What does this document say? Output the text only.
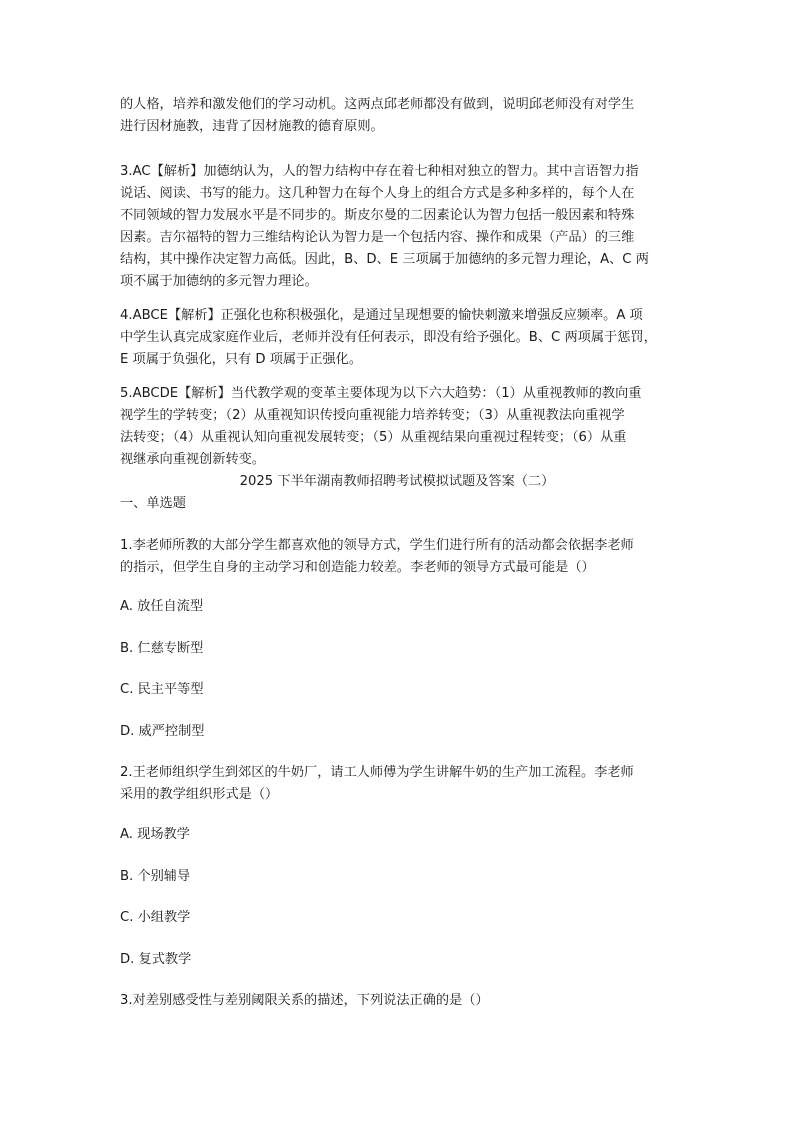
的人格，培养和激发他们的学习动机。这两点邱老师都没有做到，说明邱老师没有对学生
进行因材施教，违背了因材施教的德育原则。
3.AC【解析】加德纳认为，人的智力结构中存在着七种相对独立的智力。其中言语智力指
说话、阅读、书写的能力。这几种智力在每个人身上的组合方式是多种多样的，每个人在
不同领域的智力发展水平是不同步的。斯皮尔曼的二因素论认为智力包括一般因素和特殊
因素。吉尔福特的智力三维结构论认为智力是一个包括内容、操作和成果（产品）的三维
结构，其中操作决定智力高低。因此，B、D、E 三项属于加德纳的多元智力理论，A、C 两
项不属于加德纳的多元智力理论。
4.ABCE【解析】正强化也称积极强化，是通过呈现想要的愉快刺激来增强反应频率。A 项
中学生认真完成家庭作业后，老师并没有任何表示，即没有给予强化。B、C 两项属于惩罚，
E 项属于负强化，只有 D 项属于正强化。
5.ABCDE【解析】当代教学观的变革主要体现为以下六大趋势：（1）从重视教师的教向重
视学生的学转变；（2）从重视知识传授向重视能力培养转变；（3）从重视教法向重视学
法转变；（4）从重视认知向重视发展转变；（5）从重视结果向重视过程转变；（6）从重
视继承向重视创新转变。
2025 下半年湖南教师招聘考试模拟试题及答案（二）
一、单选题
1.李老师所教的大部分学生都喜欢他的领导方式，学生们进行所有的活动都会依据李老师
的指示，但学生自身的主动学习和创造能力较差。李老师的领导方式最可能是（）
A. 放任自流型
B. 仁慈专断型
C. 民主平等型
D. 威严控制型
2.王老师组织学生到郊区的牛奶厂，请工人师傅为学生讲解牛奶的生产加工流程。李老师
采用的教学组织形式是（）
A. 现场教学
B. 个别辅导
C. 小组教学
D. 复式教学
3.对差别感受性与差别阈限关系的描述，下列说法正确的是（）
